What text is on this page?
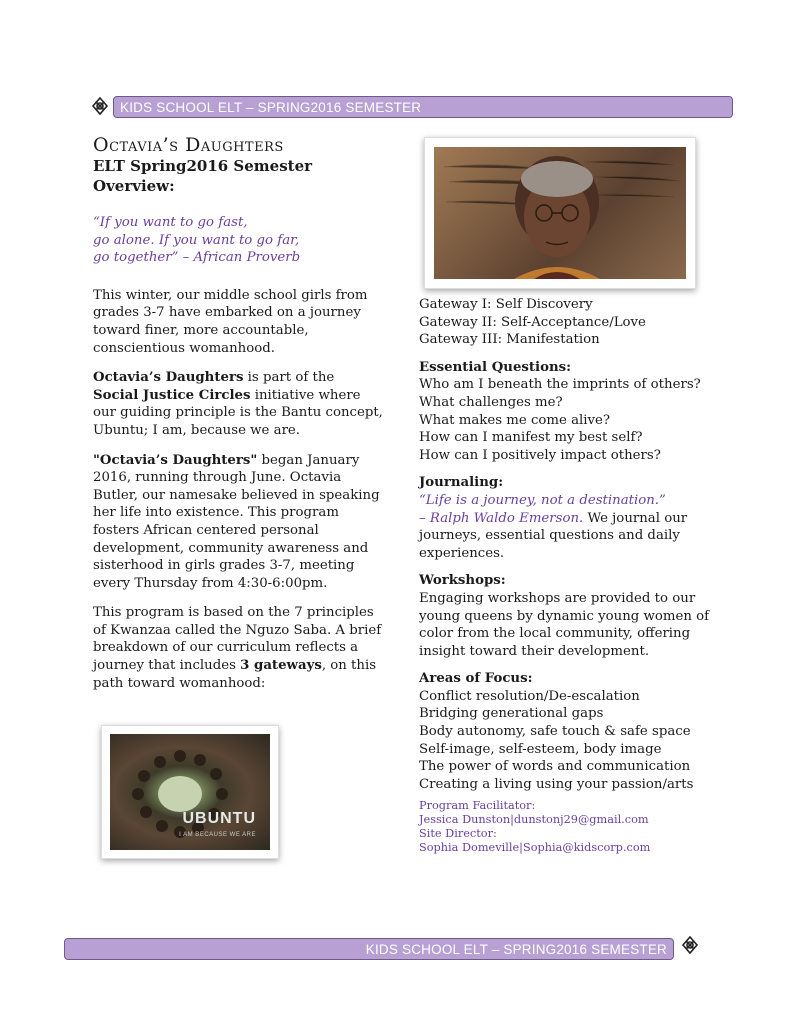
KIDS SCHOOL ELT – SPRING2016 SEMESTER

Octavia’s Daughters

ELT Spring2016 Semester

Overview:

“If you want to go fast,
go alone. If you want to go far,
go together” – African Proverb

This winter, our middle school girls from grades 3-7 have embarked on a journey toward finer, more accountable, conscientious womanhood.

Octavia’s Daughters is part of the Social Justice Circles initiative where our guiding principle is the Bantu concept, Ubuntu; I am, because we are.

"Octavia’s Daughters" began January 2016, running through June. Octavia Butler, our namesake believed in speaking her life into existence. This program fosters African centered personal development, community awareness and sisterhood in girls grades 3-7, meeting every Thursday from 4:30-6:00pm.

This program is based on the 7 principles of Kwanzaa called the Nguzo Saba. A brief breakdown of our curriculum reflects a journey that includes 3 gateways, on this path toward womanhood:

UBUNTU
I AM BECAUSE WE ARE

Gateway I: Self Discovery

Gateway II: Self-Acceptance/Love

Gateway III: Manifestation

Essential Questions:

Who am I beneath the imprints of others?

What challenges me?

What makes me come alive?

How can I manifest my best self?

How can I positively impact others?

Journaling:

“Life is a journey, not a destination.”
– Ralph Waldo Emerson. We journal our journeys, essential questions and daily experiences.

Workshops:

Engaging workshops are provided to our young queens by dynamic young women of color from the local community, offering insight toward their development.

Areas of Focus:

Conflict resolution/De-escalation

Bridging generational gaps

Body autonomy, safe touch & safe space

Self-image, self-esteem, body image

The power of words and communication

Creating a living using your passion/arts

Program Facilitator:

Jessica Dunston|dunstonj29@gmail.com

Site Director:

Sophia Domeville|Sophia@kidscorp.com

KIDS SCHOOL ELT – SPRING2016 SEMESTER
